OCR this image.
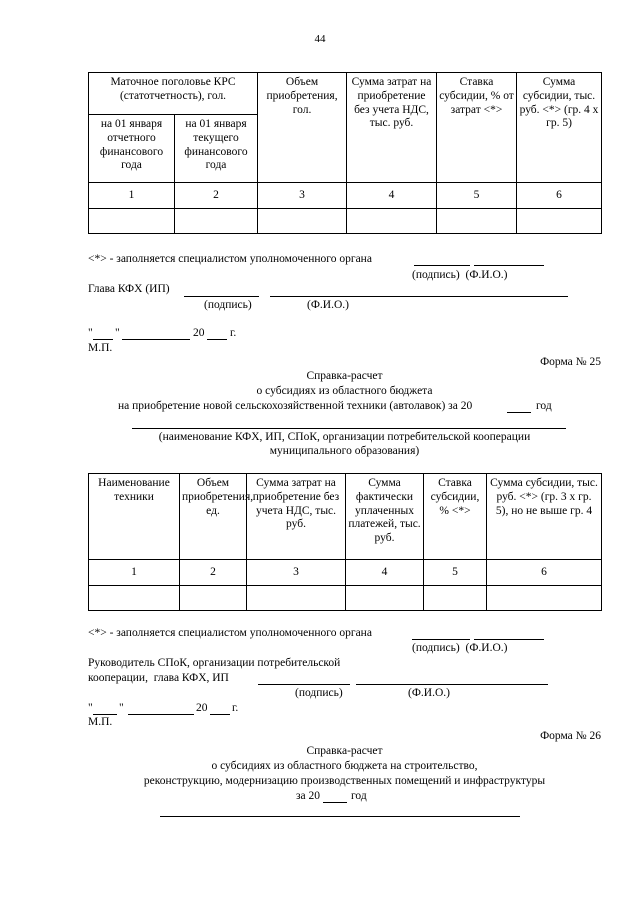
44
Маточное поголовье КРС (статотчетность), гол.		Объем приобретения, гол.	Сумма затрат на приобретение без учета НДС, тыс. руб.	Ставка субсидии, % от затрат <*>	Сумма субсидии, тыс. руб. <*> (гр. 4 х гр. 5)
на 01 января отчетного финансового года	на 01 января текущего финансового года				
1	2	3	4	5	6

<*> - заполняется специалистом уполномоченного органа
(подпись)  (Ф.И.О.)
Глава КФХ (ИП)
(подпись)	(Ф.И.О.)
" "	20 г.
М.П.
Форма № 25
Справка-расчет
о субсидиях из областного бюджета
на приобретение новой сельскохозяйственной техники (автолавок) за 20	год
(наименование КФХ, ИП, СПоК, организации потребительской кооперации
муниципального образования)
Наименование техники	Объем приобретения, ед.	Сумма затрат на приобретение без учета НДС, тыс. руб.	Сумма фактически уплаченных платежей, тыс. руб.	Ставка субсидии, % <*>	Сумма субсидии, тыс. руб. <*> (гр. 3 х гр. 5), но не выше гр. 4
1	2	3	4	5	6

<*> - заполняется специалистом уполномоченного органа
(подпись)  (Ф.И.О.)
Руководитель СПоК, организации потребительской
кооперации,  глава КФХ, ИП
(подпись)	(Ф.И.О.)
" "	20 г.
М.П.
Форма № 26
Справка-расчет
о субсидиях из областного бюджета на строительство,
реконструкцию, модернизацию производственных помещений и инфраструктуры
за 20	год
